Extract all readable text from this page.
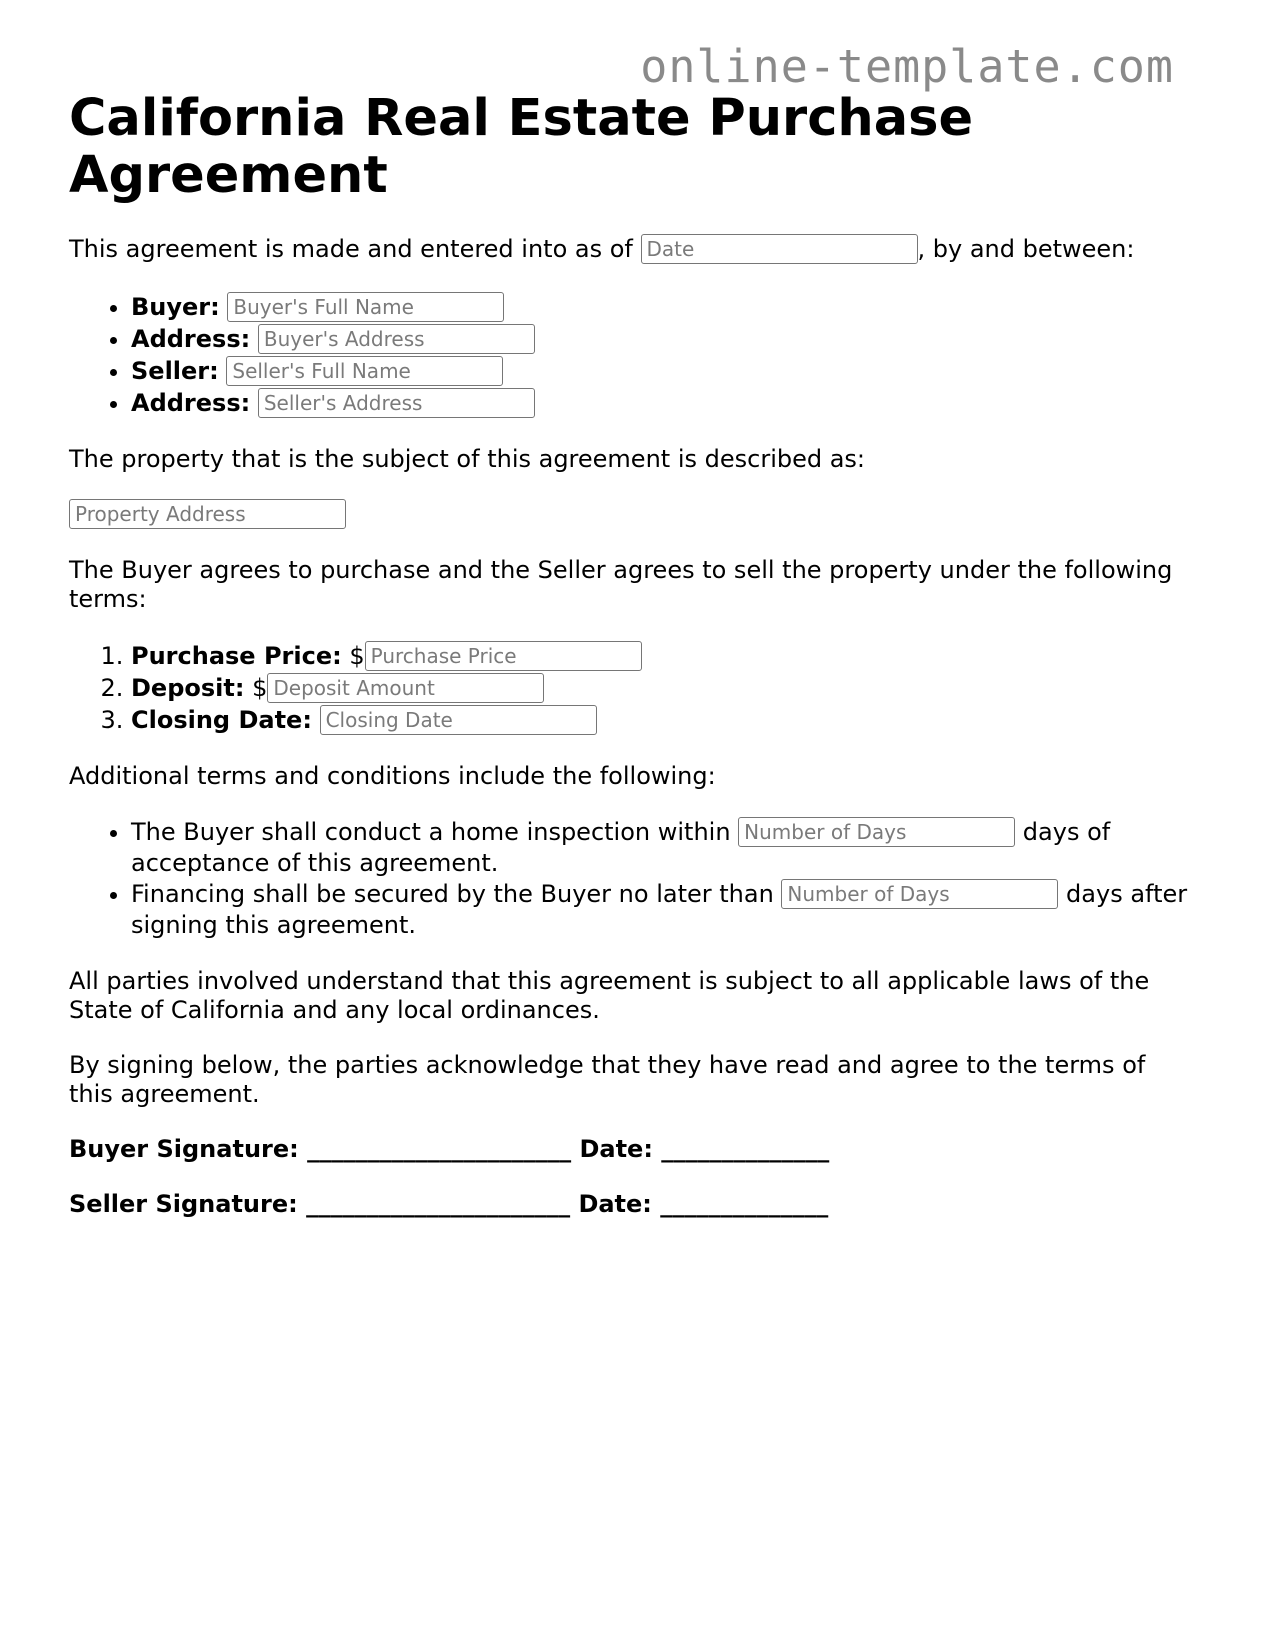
online-template.com
California Real Estate Purchase Agreement

This agreement is made and entered into as of Date	, by and between:

• Buyer: Buyer's Full Name
• Address: Buyer's Address
• Seller: Seller's Full Name
• Address: Seller's Address

The property that is the subject of this agreement is described as:

Property Address

The Buyer agrees to purchase and the Seller agrees to sell the property under the following terms:

1. Purchase Price: $Purchase Price
2. Deposit: $Deposit Amount
3. Closing Date: Closing Date

Additional terms and conditions include the following:

• The Buyer shall conduct a home inspection within Number of Days	days of acceptance of this agreement.
• Financing shall be secured by the Buyer no later than Number of Days	days after signing this agreement.

All parties involved understand that this agreement is subject to all applicable laws of the State of California and any local ordinances.

By signing below, the parties acknowledge that they have read and agree to the terms of this agreement.

Buyer Signature: ______________________ Date: ______________
Seller Signature: ______________________ Date: ______________
